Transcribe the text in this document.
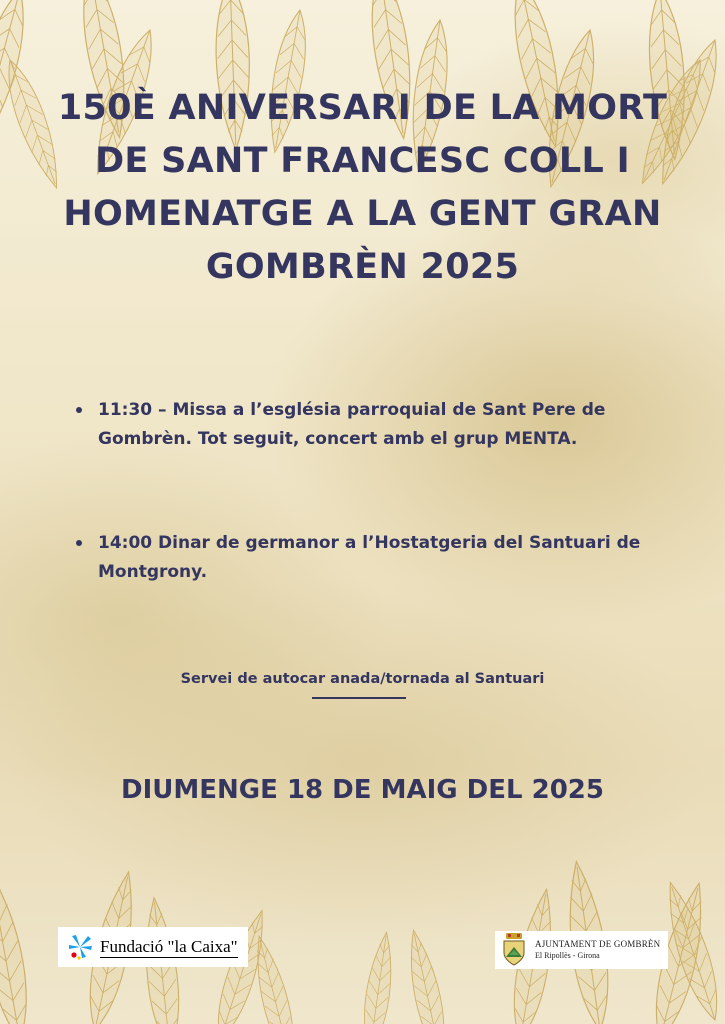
150È ANIVERSARI DE LA MORT DE SANT FRANCESC COLL I HOMENATGE A LA GENT GRAN GOMBRÈN 2025
11:30 – Missa a l’església parroquial de Sant Pere de Gombrèn. Tot seguit, concert amb el grup MENTA.
14:00 Dinar de germanor a l’Hostatgeria del Santuari de Montgrony.
Servei de autocar anada/tornada al Santuari
DIUMENGE 18 DE MAIG DEL 2025
Fundació "la Caixa"	AJUNTAMENT DE GOMBRÈN
El Ripollès - Girona
